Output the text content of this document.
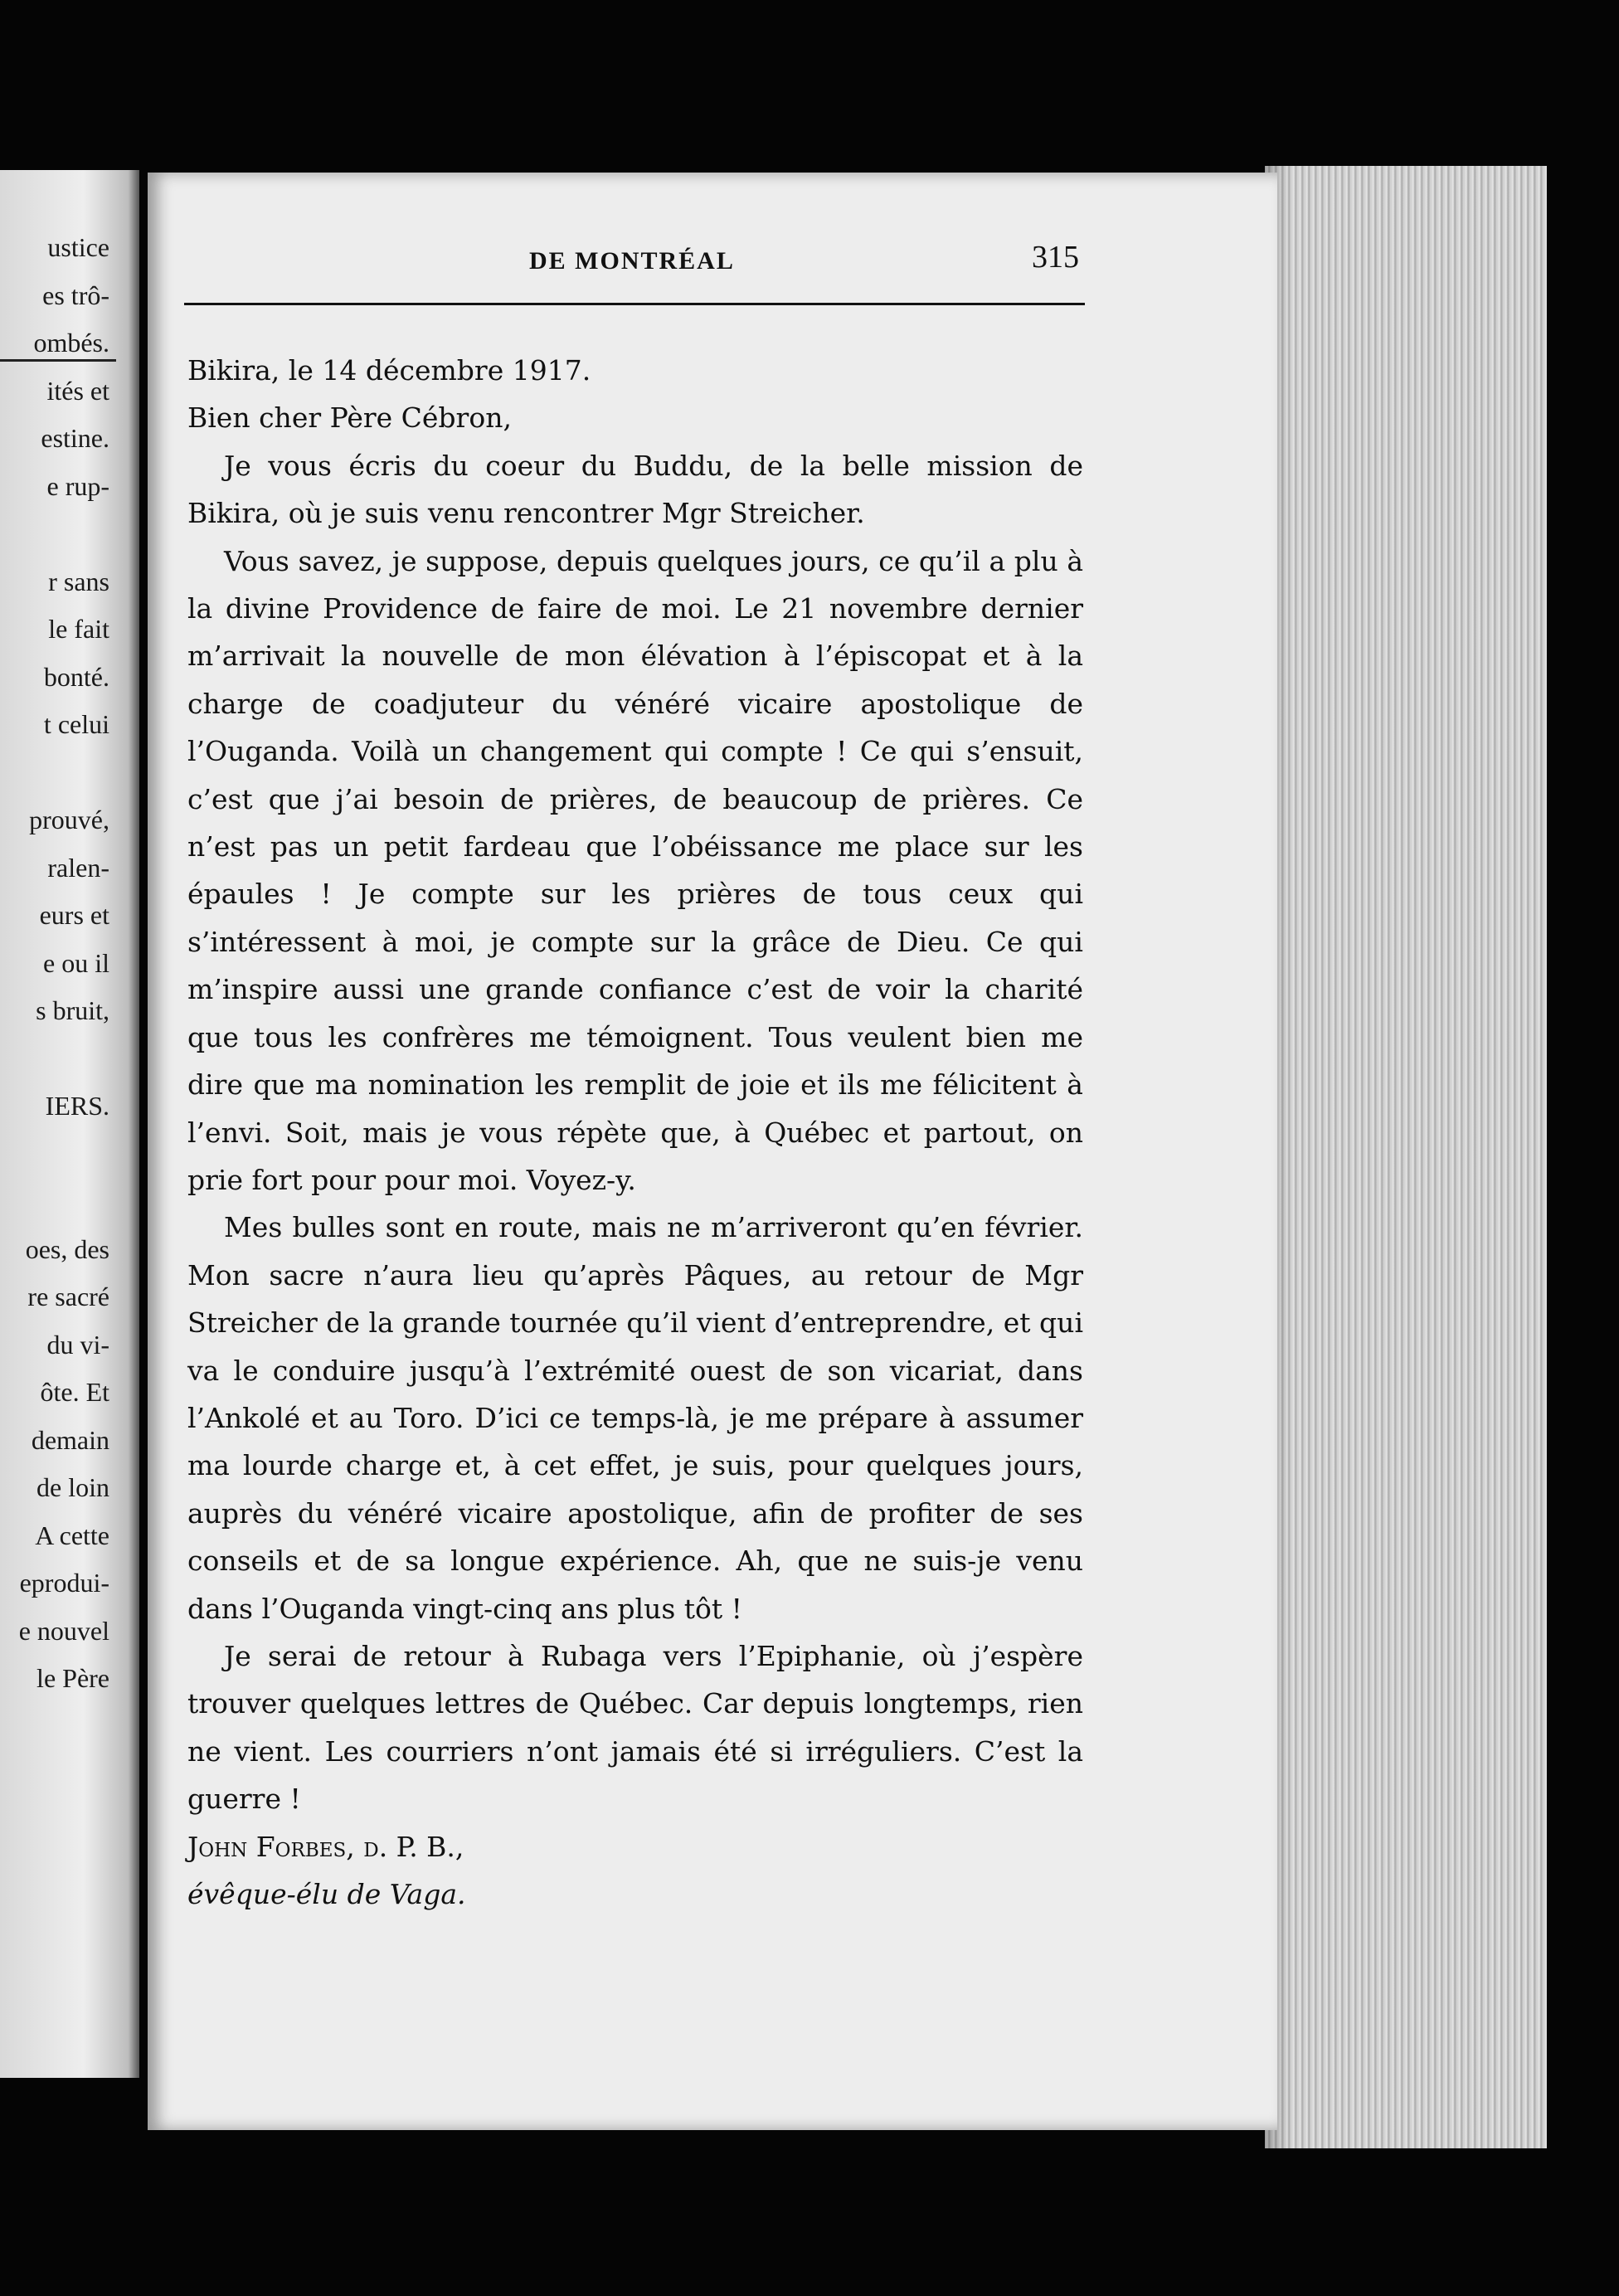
ustice
es trô-
ombés.
ités et
estine.
e rup-
r sans
le fait
bonté.
t celui
prouvé,
ralen-
eurs et
e ou il
s bruit,
IERS.
oes, des
re sacré
du vi-
ôte. Et
demain
de loin
A cette
eprodui-
e nouvel
le Père
DE MONTRÉAL	315

Bikira, le 14 décembre 1917.

Bien cher Père Cébron,

Je vous écris du coeur du Buddu, de la belle mission de Bikira, où je suis venu rencontrer Mgr Streicher.

Vous savez, je suppose, depuis quelques jours, ce qu’il a plu à la divine Providence de faire de moi. Le 21 novembre dernier m’arrivait la nouvelle de mon élévation à l’épiscopat et à la charge de coadjuteur du vénéré vicaire apostolique de l’Ouganda. Voilà un changement qui compte ! Ce qui s’ensuit, c’est que j’ai besoin de prières, de beaucoup de prières. Ce n’est pas un petit fardeau que l’obéissance me place sur les épaules ! Je compte sur les prières de tous ceux qui s’intéressent à moi, je compte sur la grâce de Dieu. Ce qui m’inspire aussi une grande confiance c’est de voir la charité que tous les confrères me témoignent. Tous veulent bien me dire que ma nomination les remplit de joie et ils me félicitent à l’envi. Soit, mais je vous répète que, à Québec et partout, on prie fort pour pour moi. Voyez-y.

Mes bulles sont en route, mais ne m’arriveront qu’en février. Mon sacre n’aura lieu qu’après Pâques, au retour de Mgr Streicher de la grande tournée qu’il vient d’entreprendre, et qui va le conduire jusqu’à l’extrémité ouest de son vicariat, dans l’Ankolé et au Toro. D’ici ce temps-là, je me prépare à assumer ma lourde charge et, à cet effet, je suis, pour quelques jours, auprès du vénéré vicaire apostolique, afin de profiter de ses conseils et de sa longue expérience. Ah, que ne suis-je venu dans l’Ouganda vingt-cinq ans plus tôt !

Je serai de retour à Rubaga vers l’Epiphanie, où j’espère trouver quelques lettres de Québec. Car depuis longtemps, rien ne vient. Les courriers n’ont jamais été si irréguliers. C’est la guerre !

John Forbes, d. P. B.,

évêque-élu de Vaga.
